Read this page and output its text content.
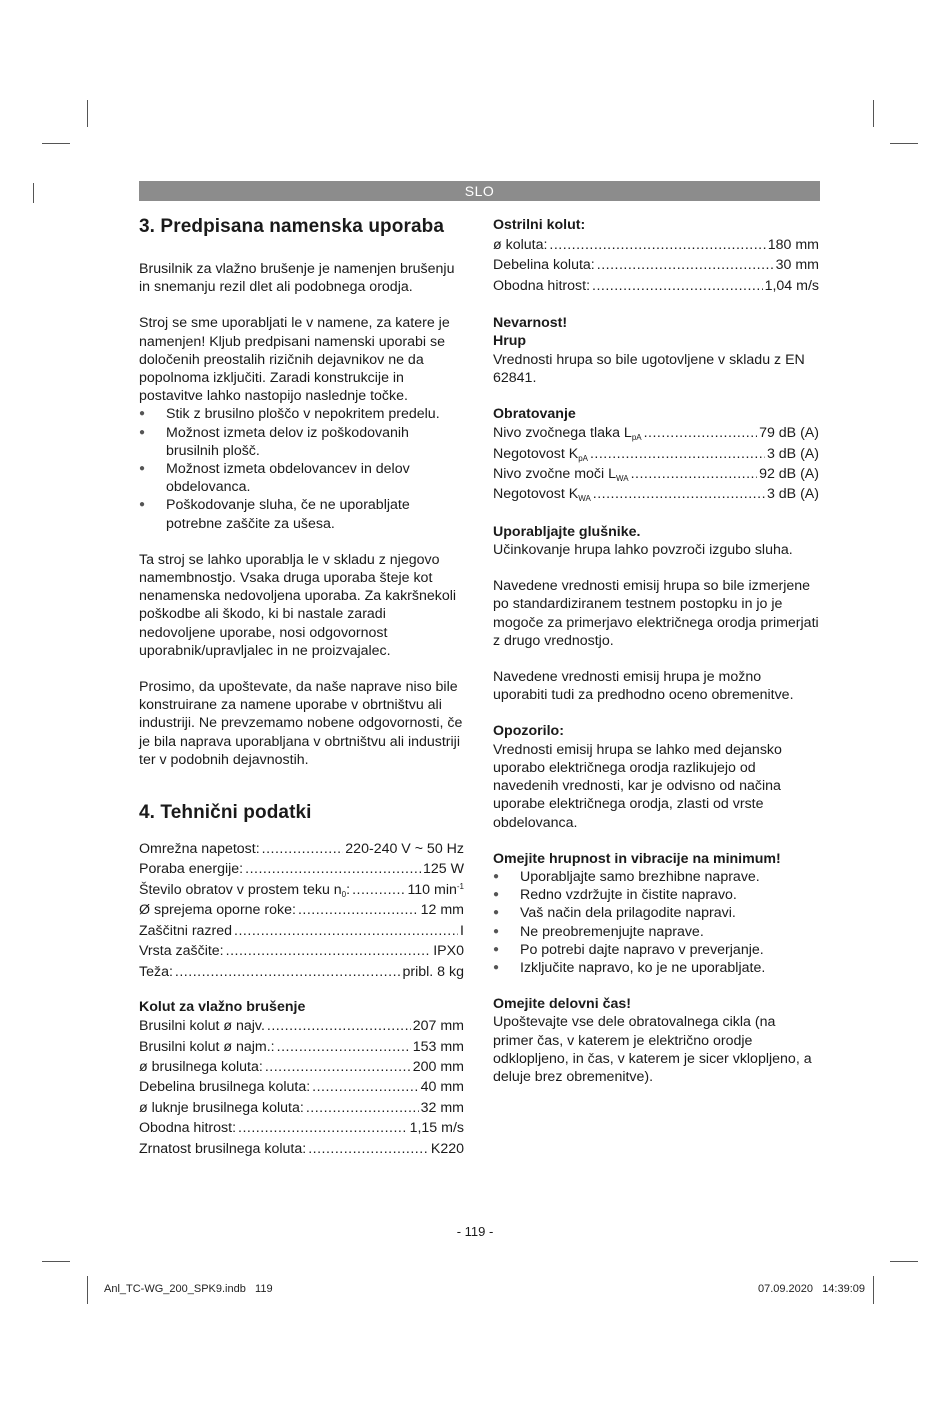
SLO
3. Predpisana namenska uporaba

Brusilnik za vlažno brušenje je namenjen brušenju in snemanju rezil dlet ali podobnega orodja.

Stroj se sme uporabljati le v namene, za katere je namenjen! Kljub predpisani namenski uporabi se določenih preostalih rizičnih dejavnikov ne da popolnoma izključiti. Zaradi konstrukcije in postavitve lahko nastopijo naslednje točke.

● Stik z brusilno ploščo v nepokritem predelu.
● Možnost izmeta delov iz poškodovanih brusilnih plošč.
● Možnost izmeta obdelovancev in delov obdelovanca.
● Poškodovanje sluha, če ne uporabljate potrebne zaščite za ušesa.

Ta stroj se lahko uporablja le v skladu z njegovo namembnostjo. Vsaka druga uporaba šteje kot nenamenska nedovoljena uporaba. Za kakršnekoli poškodbe ali škodo, ki bi nastale zaradi nedovoljene uporabe, nosi odgovornost uporabnik/upravljalec in ne proizvajalec.

Prosimo, da upoštevate, da naše naprave niso bile konstruirane za namene uporabe v obrtništvu ali industriji. Ne prevzemamo nobene odgovornosti, če je bila naprava uporabljana v obrtništvu ali industriji ter v podobnih dejavnostih.

4. Tehnični podatki
Omrežna napetost: .....	220-240 V ~ 50 Hz
Poraba energije: .....	125 W
Število obratov v prostem teku $n_0$: .....	110 $\min^{-1}$
Ø sprejema oporne roke: .....	12 mm
Zaščitni razred .....	I
Vrsta zaščite: .....	IPX0
Teža: .....	pribl. 8 kg

Kolut za vlažno brušenje

Brusilni kolut ø najv. .....	207 mm
Brusilni kolut ø najm.: .....	153 mm
ø brusilnega koluta: .....	200 mm
Debelina brusilnega koluta: .....	40 mm
ø luknje brusilnega koluta: .....	32 mm
Obodna hitrost: .....	1,15 m/s
Zrnatost brusilnega koluta: .....	K220

Ostrilni kolut:

ø koluta: .....	180 mm
Debelina koluta: .....	30 mm
Obodna hitrost: .....	1,04 m/s

Nevarnost!

Hrup

Vrednosti hrupa so bile ugotovljene v skladu z EN 62841.

Obratovanje

Nivo zvočnega tlaka $L_{pA}$ .....	79 dB (A)
Negotovost $K_{pA}$ .....	3 dB (A)
Nivo zvočne moči $L_{WA}$ .....	92 dB (A)
Negotovost $K_{WA}$ .....	3 dB (A)

Uporabljajte glušnike.

Učinkovanje hrupa lahko povzroči izgubo sluha.

Navedene vrednosti emisij hrupa so bile izmerjene po standardiziranem testnem postopku in jo je mogoče za primerjavo električnega orodja primerjati z drugo vrednostjo.

Navedene vrednosti emisij hrupa je možno uporabiti tudi za predhodno oceno obremenitve.

Opozorilo:

Vrednosti emisij hrupa se lahko med dejansko uporabo električnega orodja razlikujejo od navedenih vrednosti, kar je odvisno od načina uporabe električnega orodja, zlasti od vrste obdelovanca.

Omejite hrupnost in vibracije na minimum!

● Uporabljajte samo brezhibne naprave.
● Redno vzdržujte in čistite napravo.
● Vaš način dela prilagodite napravi.
● Ne preobremenjujte naprave.
● Po potrebi dajte napravo v preverjanje.
● Izključite napravo, ko je ne uporabljate.

Omejite delovni čas!

Upoštevajte vse dele obratovalnega cikla (na primer čas, v katerem je električno orodje odklopljeno, in čas, v katerem je sicer vklopljeno, a deluje brez obremenitve).

- 119 -
Anl_TC-WG_200_SPK9.indb   119	07.09.2020   14:39:09
